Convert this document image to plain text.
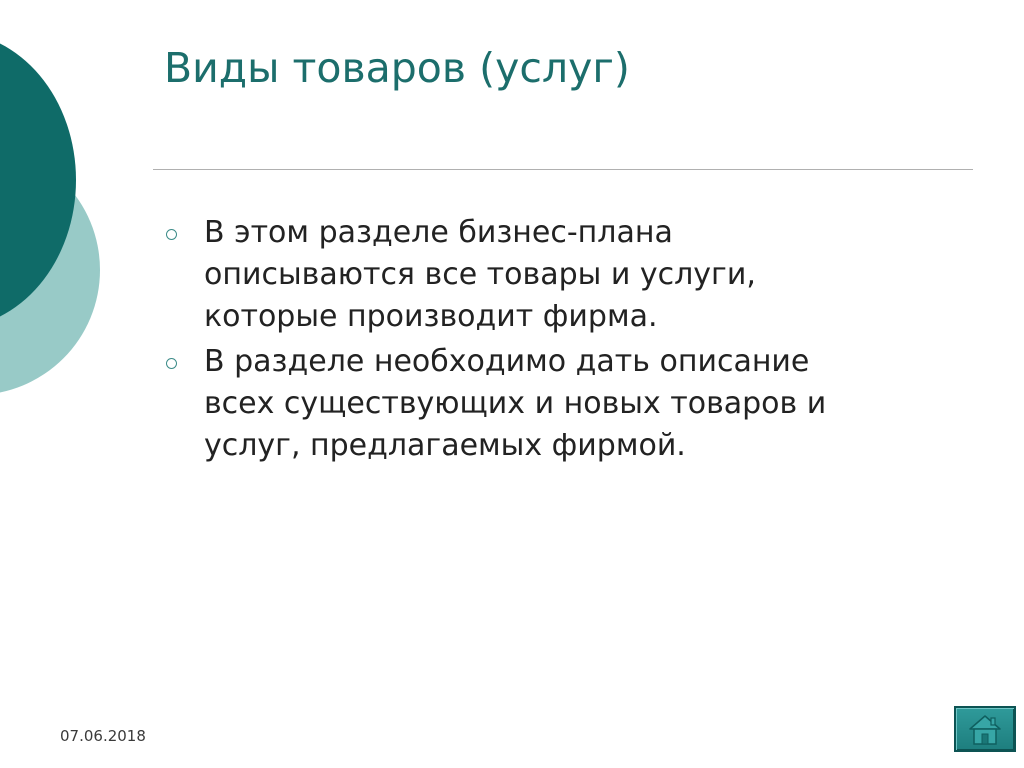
Виды товаров (услуг)
В этом разделе бизнес-плана
описываются все товары и услуги,
которые производит фирма.
В разделе необходимо дать описание
всех существующих и новых товаров и
услуг, предлагаемых фирмой.
07.06.2018
